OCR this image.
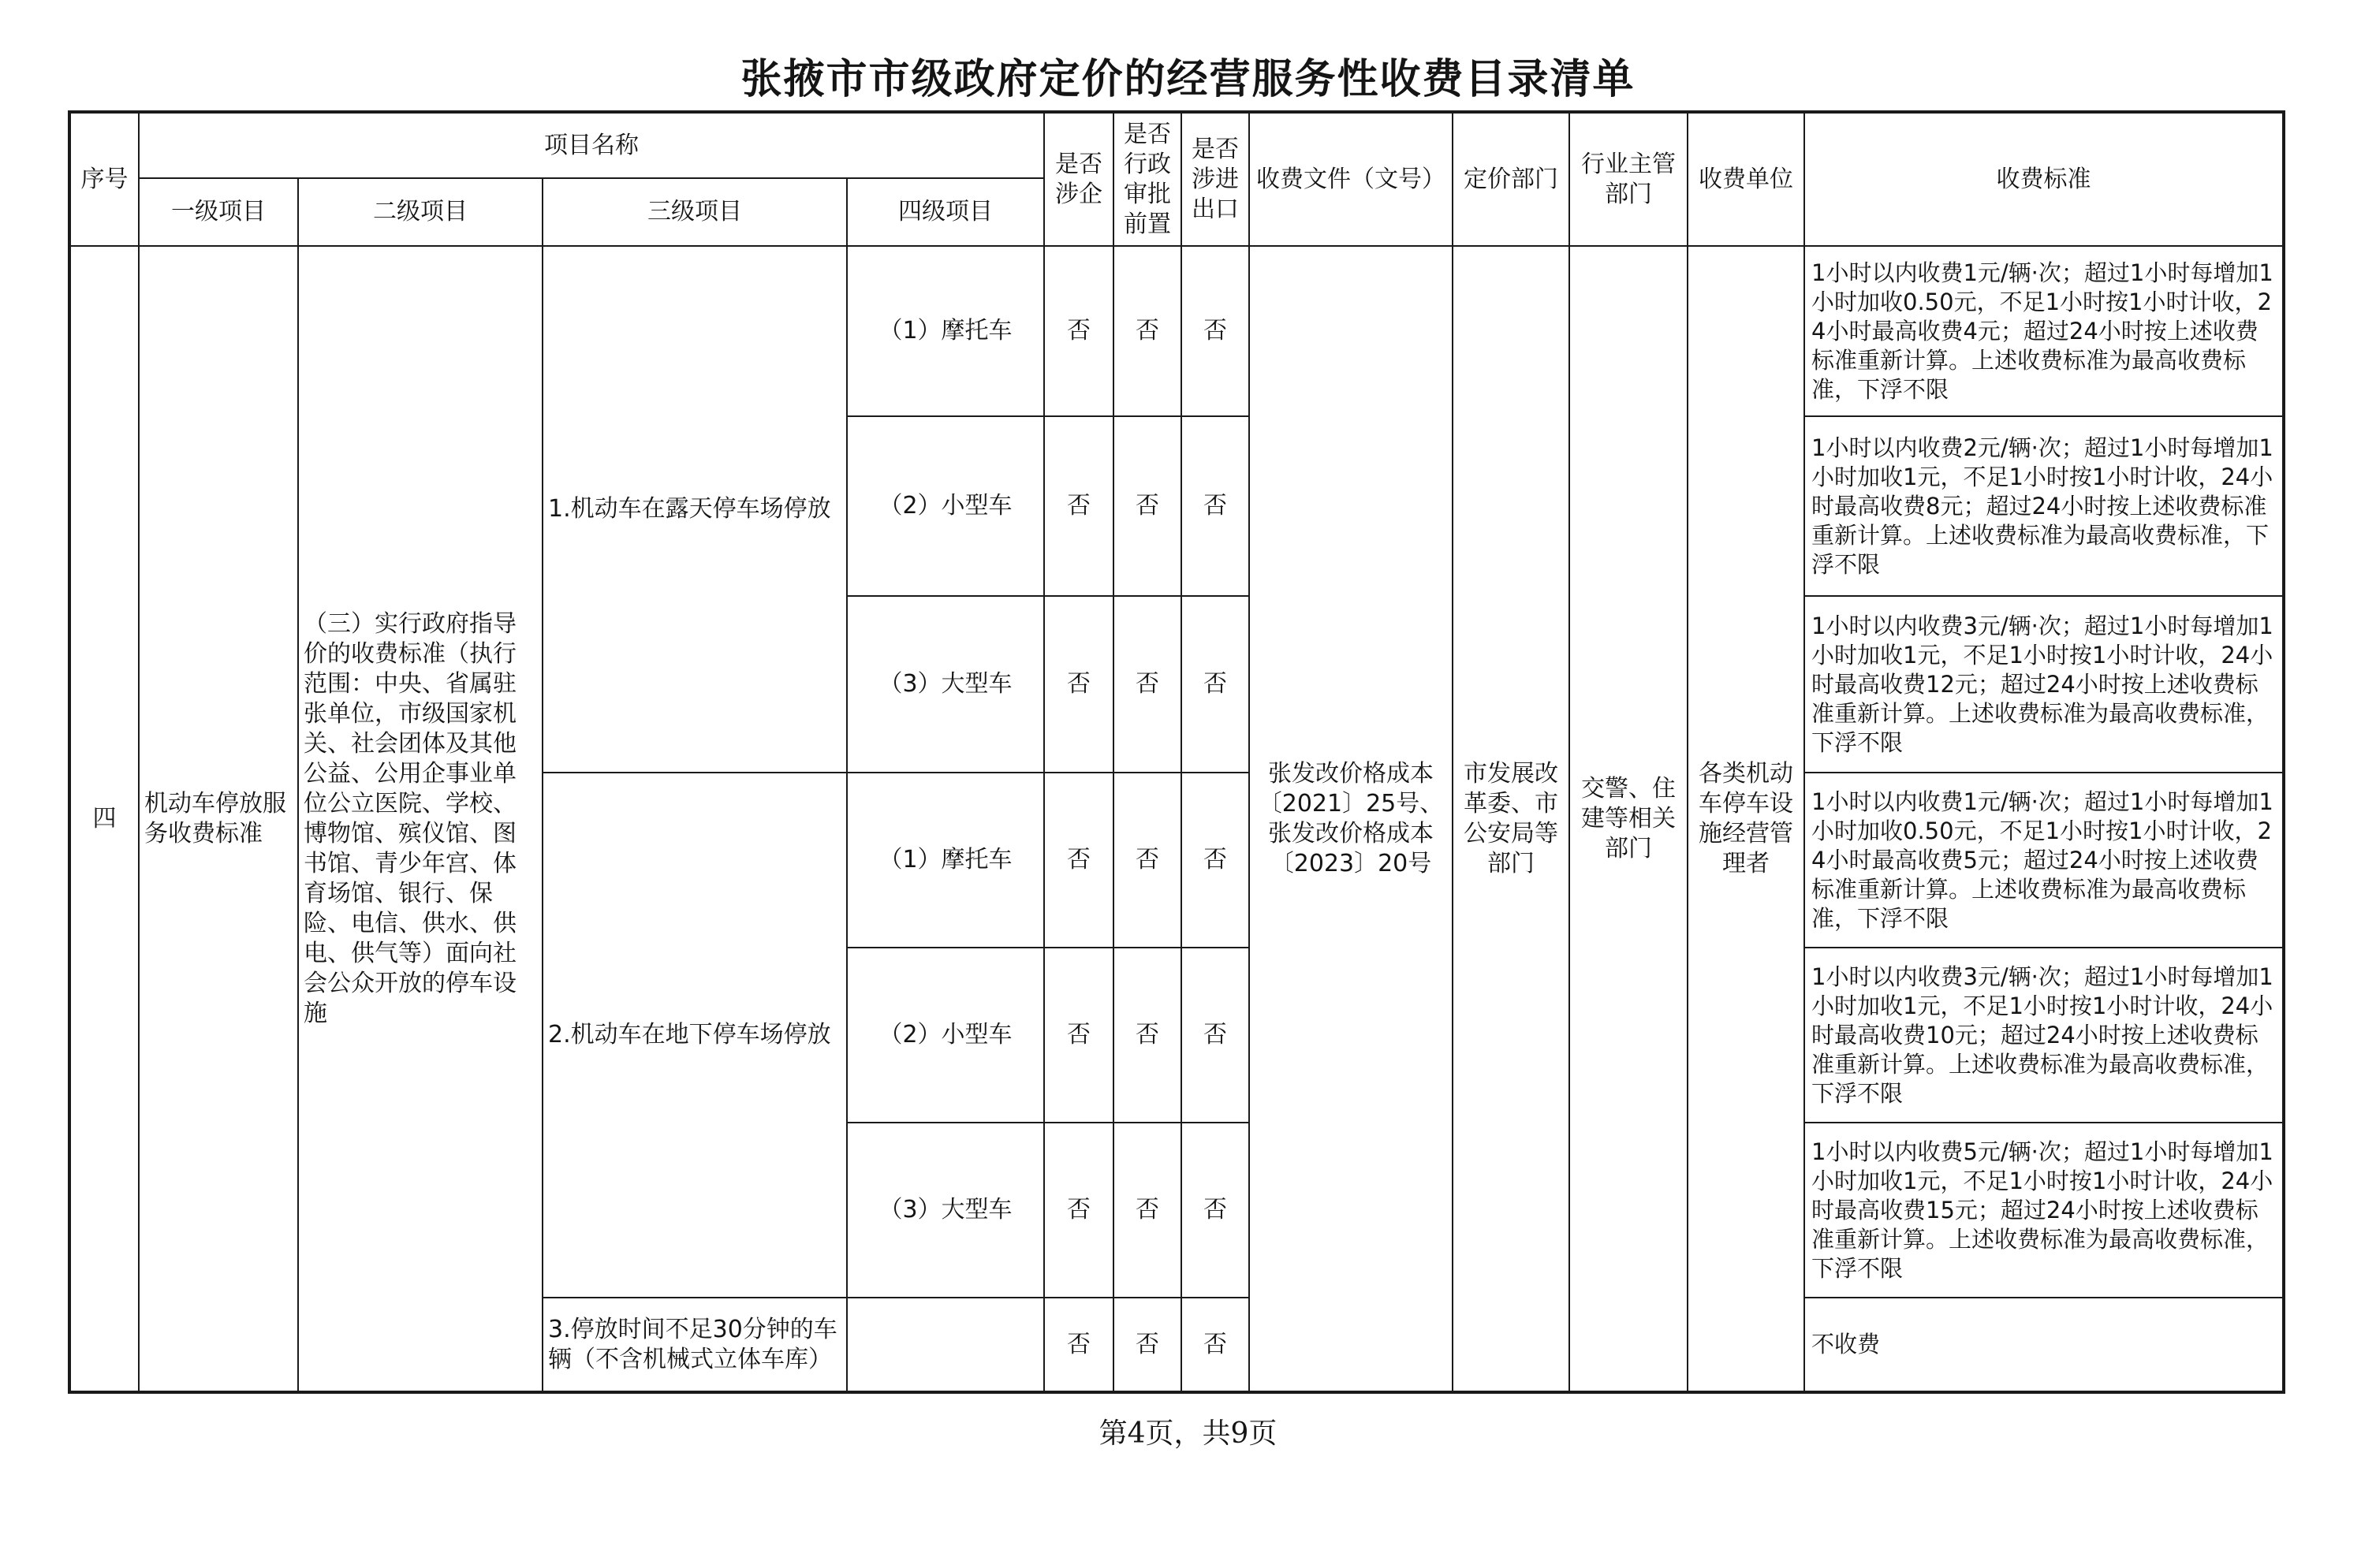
张掖市市级政府定价的经营服务性收费目录清单
序号	项目名称				是否涉企	是否行政审批前置	是否涉进出口	收费文件（文号）	定价部门	行业主管部门	收费单位	收费标准
	一级项目	二级项目	三级项目	四级项目								
四	机动车停放服务收费标准	（三）实行政府指导价的收费标准（执行范围：中央、省属驻张单位，市级国家机关、社会团体及其他公益、公用企事业单位公立医院、学校、博物馆、殡仪馆、图书馆、青少年宫、体育场馆、银行、保险、电信、供水、供电、供气等）面向社会公众开放的停车设施	1.机动车在露天停车场停放	（1）摩托车	否	否	否	张发改价格成本〔2021〕25号、张发改价格成本〔2023〕20号	市发展改革委、市公安局等部门	交警、住建等相关部门	各类机动车停车设施经营管理者	1小时以内收费1元/辆·次；超过1小时每增加1小时加收0.50元，不足1小时按1小时计收，24小时最高收费4元；超过24小时按上述收费标准重新计算。上述收费标准为最高收费标准，下浮不限
				（2）小型车	否	否	否					1小时以内收费2元/辆·次；超过1小时每增加1小时加收1元，不足1小时按1小时计收，24小时最高收费8元；超过24小时按上述收费标准重新计算。上述收费标准为最高收费标准，下浮不限
				（3）大型车	否	否	否					1小时以内收费3元/辆·次；超过1小时每增加1小时加收1元，不足1小时按1小时计收，24小时最高收费12元；超过24小时按上述收费标准重新计算。上述收费标准为最高收费标准，下浮不限
			2.机动车在地下停车场停放	（1）摩托车	否	否	否					1小时以内收费1元/辆·次；超过1小时每增加1小时加收0.50元，不足1小时按1小时计收，24小时最高收费5元；超过24小时按上述收费标准重新计算。上述收费标准为最高收费标准，下浮不限
				（2）小型车	否	否	否					1小时以内收费3元/辆·次；超过1小时每增加1小时加收1元，不足1小时按1小时计收，24小时最高收费10元；超过24小时按上述收费标准重新计算。上述收费标准为最高收费标准，下浮不限
				（3）大型车	否	否	否					1小时以内收费5元/辆·次；超过1小时每增加1小时加收1元，不足1小时按1小时计收，24小时最高收费15元；超过24小时按上述收费标准重新计算。上述收费标准为最高收费标准，下浮不限
			3.停放时间不足30分钟的车辆（不含机械式立体车库）		否	否	否					不收费
第4页，共9页
